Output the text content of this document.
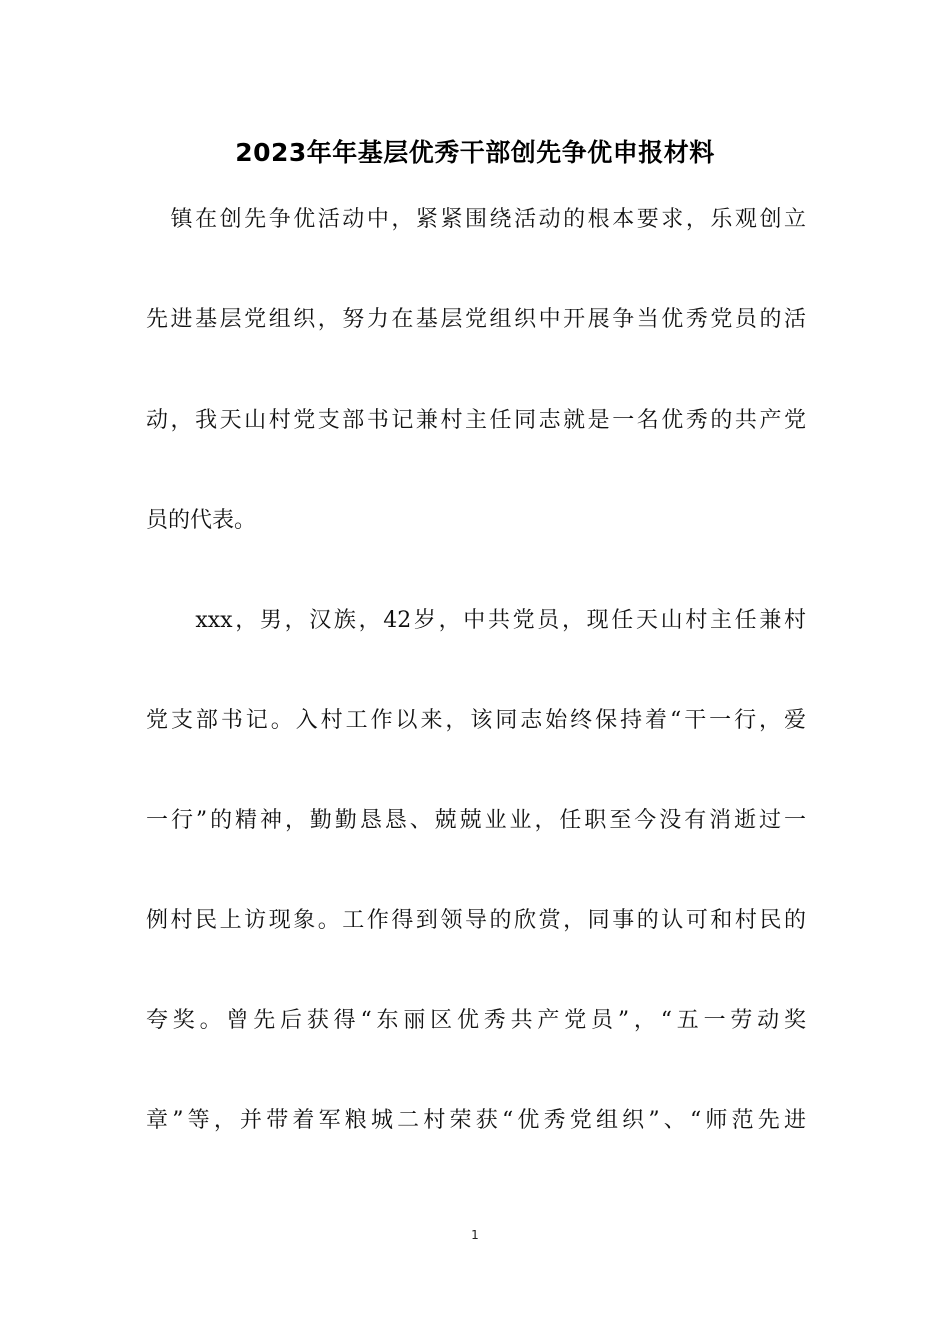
2023年年基层优秀干部创先争优申报材料
　镇在创先争优活动中，紧紧围绕活动的根本要求，乐观创立
先进基层党组织，努力在基层党组织中开展争当优秀党员的活
动，我天山村党支部书记兼村主任同志就是一名优秀的共产党
员的代表。
　　xxx，男，汉族，42岁，中共党员，现任天山村主任兼村
党支部书记。入村工作以来，该同志始终保持着“干一行，爱
一行”的精神，勤勤恳恳、兢兢业业，任职至今没有消逝过一
例村民上访现象。工作得到领导的欣赏，同事的认可和村民的
夸奖。曾先后获得“东丽区优秀共产党员”，“五一劳动奖
章”等，并带着军粮城二村荣获“优秀党组织”、“师范先进
1
